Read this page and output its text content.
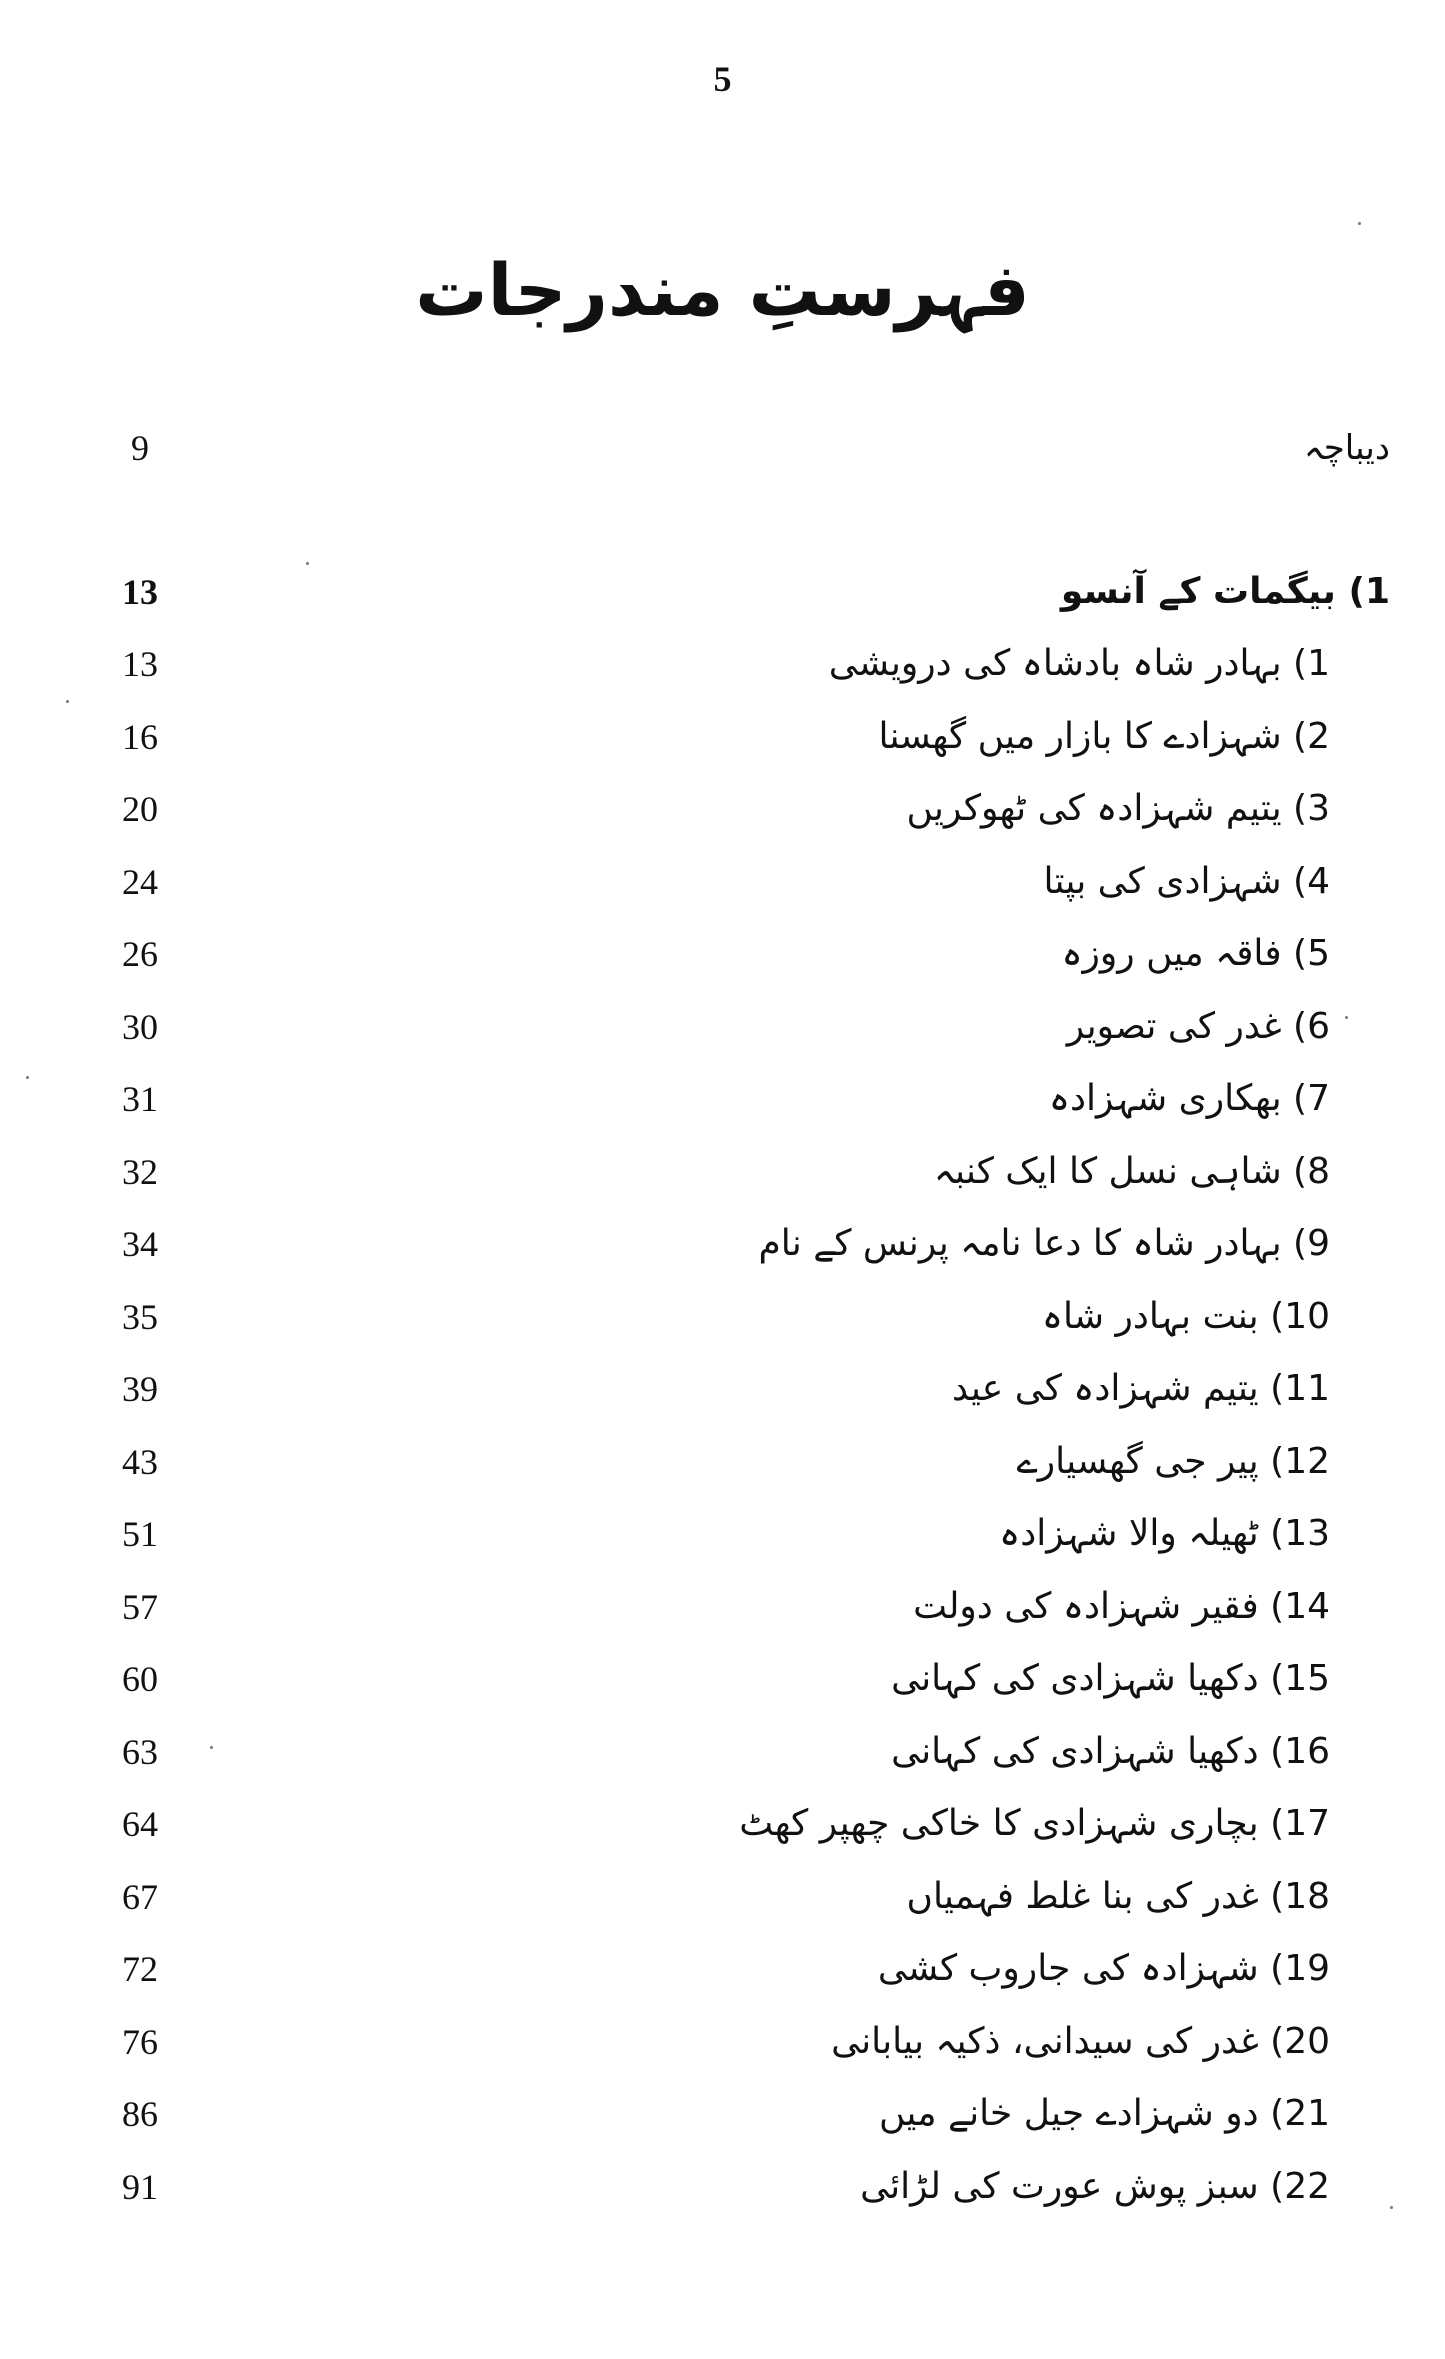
5
فہرستِ مندرجات
دیباچہ
9
1) بیگمات کے آنسو
13
1) بہادر شاہ بادشاہ کی درویشی
13
2) شہزادے کا بازار میں گھسنا
16
3) یتیم شہزادہ کی ٹھوکریں
20
4) شہزادی کی بپتا
24
5) فاقہ میں روزہ
26
6) غدر کی تصویر
30
7) بھکاری شہزادہ
31
8) شاہی نسل کا ایک کنبہ
32
9) بہادر شاہ کا دعا نامہ پرنس کے نام
34
10) بنت بہادر شاہ
35
11) یتیم شہزادہ کی عید
39
12) پیر جی گھسیارے
43
13) ٹھیلہ والا شہزادہ
51
14) فقیر شہزادہ کی دولت
57
15) دکھیا شہزادی کی کہانی
60
16) دکھیا شہزادی کی کہانی
63
17) بچاری شہزادی کا خاکی چھپر کھٹ
64
18) غدر کی بنا غلط فہمیاں
67
19) شہزادہ کی جاروب کشی
72
20) غدر کی سیدانی، ذکیہ بیابانی
76
21) دو شہزادے جیل خانے میں
86
22) سبز پوش عورت کی لڑائی
91
